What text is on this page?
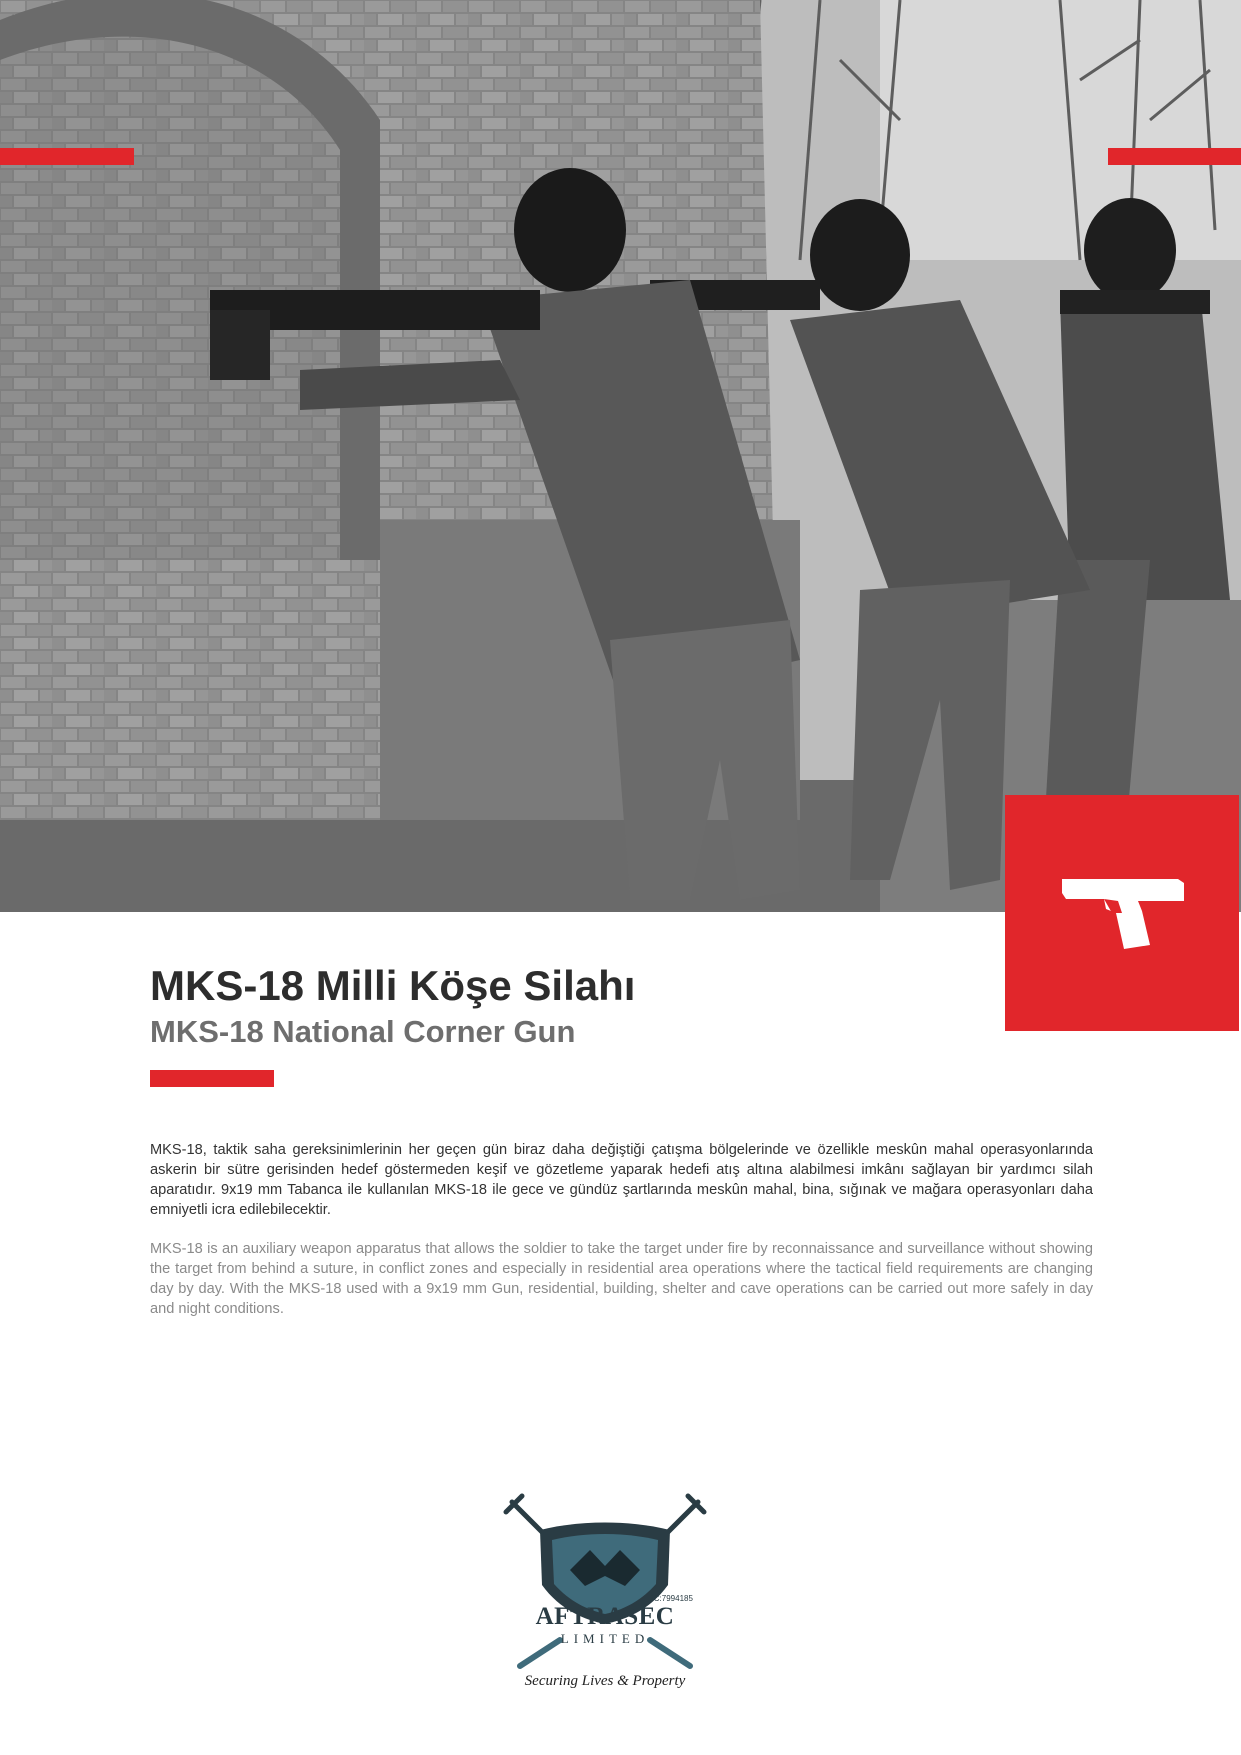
MKS-18 Milli Köşe Silahı
MKS-18 National Corner Gun

MKS-18, taktik saha gereksinimlerinin her geçen gün biraz daha değiştiği çatışma bölgelerinde ve özellikle meskûn mahal operasyonlarında askerin bir sütre gerisinden hedef göstermeden keşif ve gözetleme yaparak hedefi atış altına alabilmesi imkânı sağlayan bir yardımcı silah aparatıdır. 9x19 mm Tabanca ile kullanılan MKS-18 ile gece ve gündüz şartlarında meskûn mahal, bina, sığınak ve mağara operasyonları daha emniyetli icra edilebilecektir.

MKS-18 is an auxiliary weapon apparatus that allows the soldier to take the target under fire by reconnaissance and surveillance without showing the target from behind a suture, in conflict zones and especially in residential area operations where the tactical field requirements are changing day by day. With the MKS-18 used with a 9x19 mm Gun, residential, building, shelter and cave operations can be carried out more safely in day and night conditions.

RC:7994185
AFTRASEC
LIMITED
Securing Lives & Property
